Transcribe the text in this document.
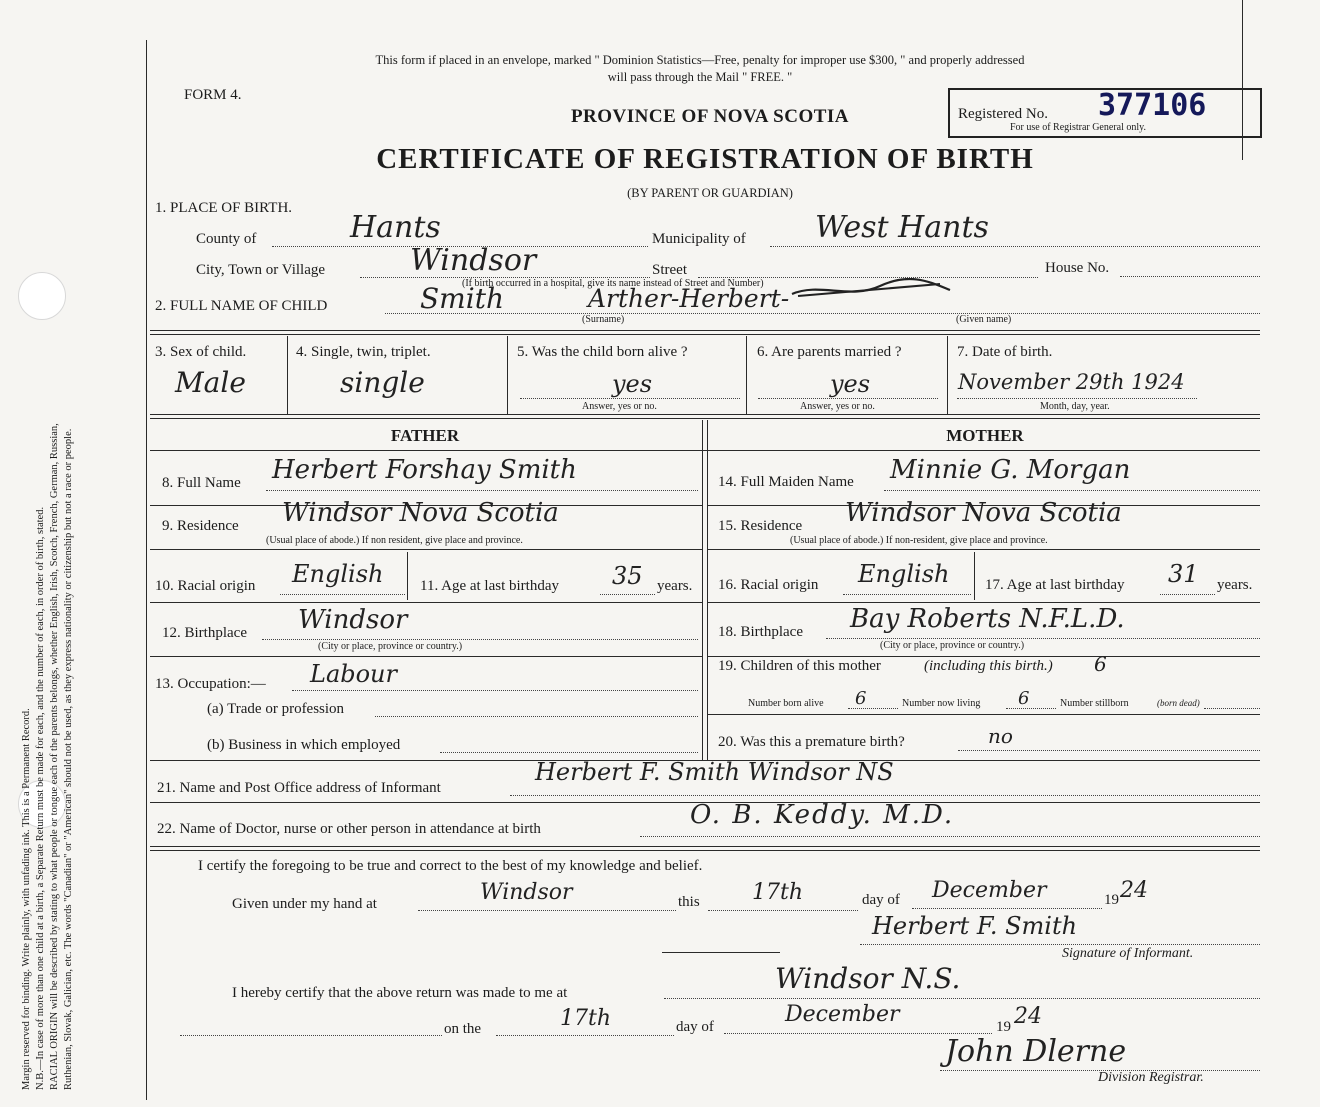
Margin reserved for binding. Write plainly, with unfading ink. This is a Permanent Record. N.B.—In case of more than one child at a birth, a Separate Return must be made for each, and the number of each, in order of birth, stated. RACIAL ORIGIN will be described by stating to what people or tongue each of the parents belongs, whether English, Irish, Scotch, French, German, Russian, Ruthenian, Slovak, Galician, etc. The words "Canadian" or "American" should not be used, as they express nationality or citizenship but not a race or people.
This form if placed in an envelope, marked " Dominion Statistics—Free, penalty for improper use $300, " and properly addressed
will pass through the Mail " FREE. "
FORM 4.
PROVINCE OF NOVA SCOTIA	Registered No. 377106
For use of Registrar General only.
CERTIFICATE OF REGISTRATION OF BIRTH
(BY PARENT OR GUARDIAN)
1. PLACE OF BIRTH.
County of	Hants	Municipality of West Hants
City, Town or Village	Windsor	Street
(If birth occurred in a hospital, give its name instead of Street and Number)
House No.
2. FULL NAME OF CHILD	Smith	Arther-Herbert-
(Surname)	(Given name)
3. Sex of child.
Male
4. Single, twin, triplet.
single
5. Was the child born alive ?
yes
Answer, yes or no.
6. Are parents married ?
yes
Answer, yes or no.
7. Date of birth.
November 29th 1924
Month, day, year.
FATHER	MOTHER
8. Full Name Herbert Forshay Smith
9. Residence Windsor Nova Scotia
(Usual place of abode.) If non resident, give place and province.
10. Racial origin English 11. Age at last birthday 35 years.
12. Birthplace Windsor
(City or place, province or country.)
13. Occupation:— Labour
(a) Trade or profession
(b) Business in which employed
14. Full Maiden Name Minnie G. Morgan
15. Residence Windsor Nova Scotia
(Usual place of abode.) If non-resident, give place and province.
16. Racial origin English 17. Age at last birthday 31 years.
18. Birthplace Bay Roberts N.F.L.D.
(City or place, province or country.)
19. Children of this mother	(including this birth.) 6
Number born alive 6	Number now living 6	Number stillborn	(born dead)
20. Was this a premature birth?	no
21. Name and Post Office address of Informant
Herbert F. Smith Windsor NS
22. Name of Doctor, nurse or other person in attendance at birth	O. B. Keddy. M.D.
I certify the foregoing to be true and correct to the best of my knowledge and belief.
Given under my hand at	Windsor	this 17th	day of December	19 24
Herbert F. Smith
Signature of Informant.
I hereby certify that the above return was made to me at	Windsor N.S.
on the	17th	day of	December	19 24
John Dlerne
Division Registrar.
